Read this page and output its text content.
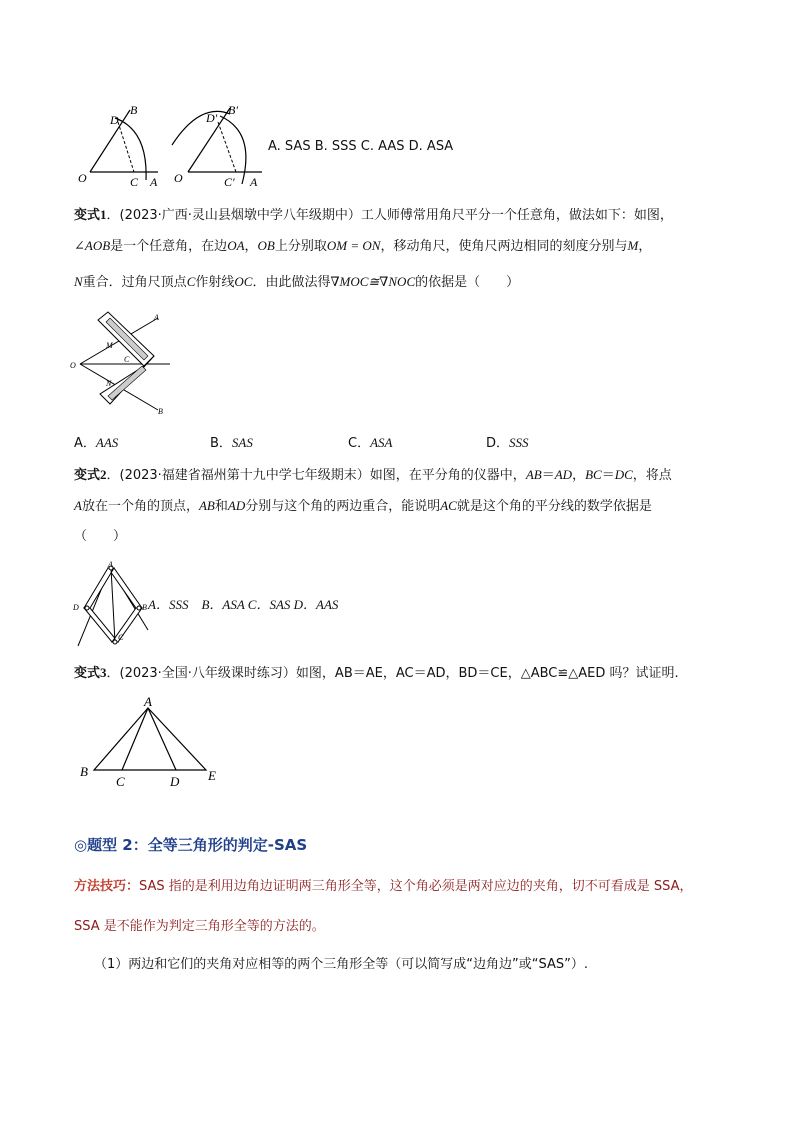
O	C A
B
D
O	C′ A
B′
D′
A. SAS B. SSS C. AAS D. ASA
变式1．(2023·广西·灵山县烟墩中学八年级期中）工人师傅常用角尺平分一个任意角，做法如下：如图，
∠AOB是一个任意角，在边OA，OB上分别取OM = ON，移动角尺，使角尺两边相同的刻度分别与M，
N重合．过角尺顶点C作射线OC．由此做法得∇MOC≅∇NOC的依据是（　　）
O
A
B
M
N
C
A．AAS	B．SAS	C．ASA	D．SSS
变式2．(2023·福建省福州第十九中学七年级期末）如图，在平分角的仪器中，AB＝AD，BC＝DC，将点
A放在一个角的顶点，AB和AD分别与这个角的两边重合，能说明AC就是这个角的平分线的数学依据是
（　　）
A
B
C
D	A．SSS　B．ASA C．SAS D．AAS
变式3．(2023·全国·八年级课时练习）如图，AB＝AE，AC＝AD，BD＝CE，△ABC≌△AED 吗？试证明.
A
B
C	D E
◎题型 2：全等三角形的判定-SAS
方法技巧：SAS 指的是利用边角边证明两三角形全等，这个角必须是两对应边的夹角，切不可看成是 SSA，
SSA 是不能作为判定三角形全等的方法的。
（1）两边和它们的夹角对应相等的两个三角形全等（可以简写成“边角边”或“SAS”）.
